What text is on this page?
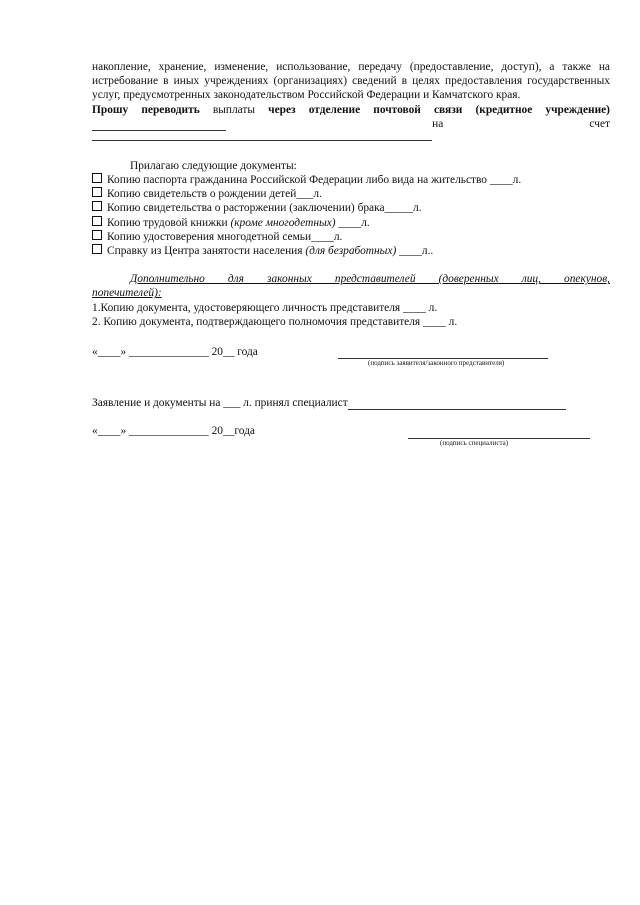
накопление, хранение, изменение, использование, передачу (предоставление, доступ), а также на истребование в иных учреждениях (организациях) сведений в целях предоставления государственных услуг, предусмотренных законодательством Российской Федерации и Камчатского края.
Прошу переводить выплаты через отделение почтовой связи (кредитное учреждение)
на	счет
Прилагаю следующие документы:
Копию паспорта гражданина Российской Федерации либо вида на жительство
____л.
Копию свидетельств о рождении детей ___л.
Копию свидетельства о расторжении (заключении) брака _____л.
Копию трудовой книжки
(кроме многодетных)
____л.
Копию удостоверения многодетной семьи ____л.
Справку из Центра занятости населения
(для безработных)
____л..
Дополнительно для законных представителей (доверенных лиц, опекунов, попечителей):
1.Копию документа, удостоверяющего личность представителя ____ л.
2. Копию документа, подтверждающего полномочия представителя ____ л.
«____» ______________ 20__ года
(подпись заявителя/законного представителя)
Заявление и документы на ___ л. принял специалист
«____» ______________ 20__года
(подпись специалиста)
